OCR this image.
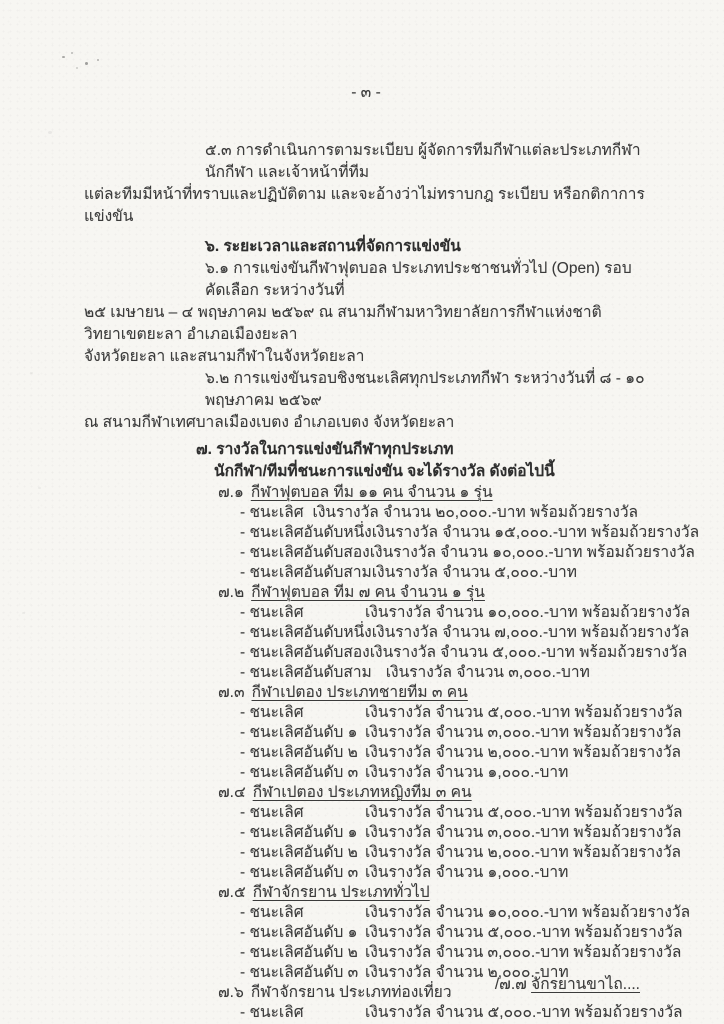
- ๓ -
๕.๓ การดำเนินการตามระเบียบ ผู้จัดการทีมกีฬาแต่ละประเภทกีฬา นักกีฬา และเจ้าหน้าที่ทีม
แต่ละทีมมีหน้าที่ทราบและปฏิบัติตาม และจะอ้างว่าไม่ทราบกฎ ระเบียบ หรือกติกาการแข่งขัน
๖. ระยะเวลาและสถานที่จัดการแข่งขัน
๖.๑ การแข่งขันกีฬาฟุตบอล ประเภทประชาชนทั่วไป (Open) รอบคัดเลือก ระหว่างวันที่
๒๕ เมษายน – ๔ พฤษภาคม ๒๕๖๙ ณ สนามกีฬามหาวิทยาลัยการกีฬาแห่งชาติ วิทยาเขตยะลา อำเภอเมืองยะลา
จังหวัดยะลา และสนามกีฬาในจังหวัดยะลา
๖.๒ การแข่งขันรอบชิงชนะเลิศทุกประเภทกีฬา ระหว่างวันที่ ๘ - ๑๐ พฤษภาคม ๒๕๖๙
ณ สนามกีฬาเทศบาลเมืองเบตง อำเภอเบตง จังหวัดยะลา
๗. รางวัลในการแข่งขันกีฬาทุกประเภท
นักกีฬา/ทีมที่ชนะการแข่งขัน จะได้รางวัล ดังต่อไปนี้
๗.๑ กีฬาฟุตบอล ทีม ๑๑ คน จำนวน ๑ รุ่น
- ชนะเลิศ เงินรางวัล จำนวน ๒๐,๐๐๐.-บาท พร้อมถ้วยรางวัล
- ชนะเลิศอันดับหนึ่ง เงินรางวัล จำนวน ๑๕,๐๐๐.-บาท พร้อมถ้วยรางวัล
- ชนะเลิศอันดับสอง เงินรางวัล จำนวน ๑๐,๐๐๐.-บาท พร้อมถ้วยรางวัล
- ชนะเลิศอันดับสาม เงินรางวัล จำนวน ๕,๐๐๐.-บาท
๗.๒ กีฬาฟุตบอล ทีม ๗ คน จำนวน ๑ รุ่น
- ชนะเลิศ	เงินรางวัล จำนวน ๑๐,๐๐๐.-บาท พร้อมถ้วยรางวัล
- ชนะเลิศอันดับหนึ่ง เงินรางวัล จำนวน ๗,๐๐๐.-บาท พร้อมถ้วยรางวัล
- ชนะเลิศอันดับสอง เงินรางวัล จำนวน ๕,๐๐๐.-บาท พร้อมถ้วยรางวัล
- ชนะเลิศอันดับสาม เงินรางวัล จำนวน ๓,๐๐๐.-บาท
๗.๓ กีฬาเปตอง ประเภทชายทีม ๓ คน
- ชนะเลิศ	เงินรางวัล จำนวน ๕,๐๐๐.-บาท พร้อมถ้วยรางวัล
- ชนะเลิศอันดับ ๑ เงินรางวัล จำนวน ๓,๐๐๐.-บาท พร้อมถ้วยรางวัล
- ชนะเลิศอันดับ ๒ เงินรางวัล จำนวน ๒,๐๐๐.-บาท พร้อมถ้วยรางวัล
- ชนะเลิศอันดับ ๓ เงินรางวัล จำนวน ๑,๐๐๐.-บาท
๗.๔ กีฬาเปตอง ประเภทหญิงทีม ๓ คน
- ชนะเลิศ	เงินรางวัล จำนวน ๕,๐๐๐.-บาท พร้อมถ้วยรางวัล
- ชนะเลิศอันดับ ๑ เงินรางวัล จำนวน ๓,๐๐๐.-บาท พร้อมถ้วยรางวัล
- ชนะเลิศอันดับ ๒ เงินรางวัล จำนวน ๒,๐๐๐.-บาท พร้อมถ้วยรางวัล
- ชนะเลิศอันดับ ๓ เงินรางวัล จำนวน ๑,๐๐๐.-บาท
๗.๕ กีฬาจักรยาน ประเภททั่วไป
- ชนะเลิศ	เงินรางวัล จำนวน ๑๐,๐๐๐.-บาท พร้อมถ้วยรางวัล
- ชนะเลิศอันดับ ๑ เงินรางวัล จำนวน ๕,๐๐๐.-บาท พร้อมถ้วยรางวัล
- ชนะเลิศอันดับ ๒ เงินรางวัล จำนวน ๓,๐๐๐.-บาท พร้อมถ้วยรางวัล
- ชนะเลิศอันดับ ๓ เงินรางวัล จำนวน ๒,๐๐๐.-บาท
๗.๖ กีฬาจักรยาน ประเภทท่องเที่ยว
- ชนะเลิศ	เงินรางวัล จำนวน ๕,๐๐๐.-บาท พร้อมถ้วยรางวัล
-
/๗.๗ จักรยานขาไถ....
